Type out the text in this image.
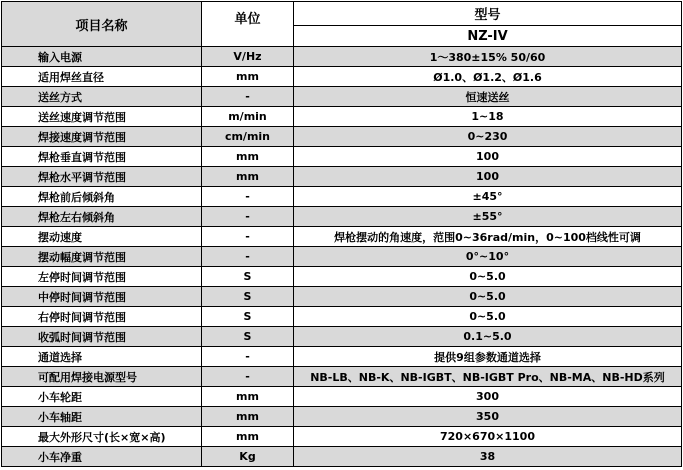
项目名称	单位	型号
		NZ-IV
输入电源	V/Hz	1～380±15% 50/60
适用焊丝直径	mm	Ø1.0、Ø1.2、Ø1.6
送丝方式	-	恒速送丝
送丝速度调节范围	m/min	1~18
焊接速度调节范围	cm/min	0~230
焊枪垂直调节范围	mm	100
焊枪水平调节范围	mm	100
焊枪前后倾斜角	-	±45°
焊枪左右倾斜角	-	±55°
摆动速度	-	焊枪摆动的角速度，范围0~36rad/min，0~100档线性可调
摆动幅度调节范围	-	0°~10°
左停时间调节范围	S	0~5.0
中停时间调节范围	S	0~5.0
右停时间调节范围	S	0~5.0
收弧时间调节范围	S	0.1~5.0
通道选择	-	提供9组参数通道选择
可配用焊接电源型号	-	NB-LB、NB-K、NB-IGBT、NB-IGBT Pro、NB-MA、NB-HD系列
小车轮距	mm	300
小车轴距	mm	350
最大外形尺寸(长×宽×高)	mm	720×670×1100
小车净重	Kg	38
